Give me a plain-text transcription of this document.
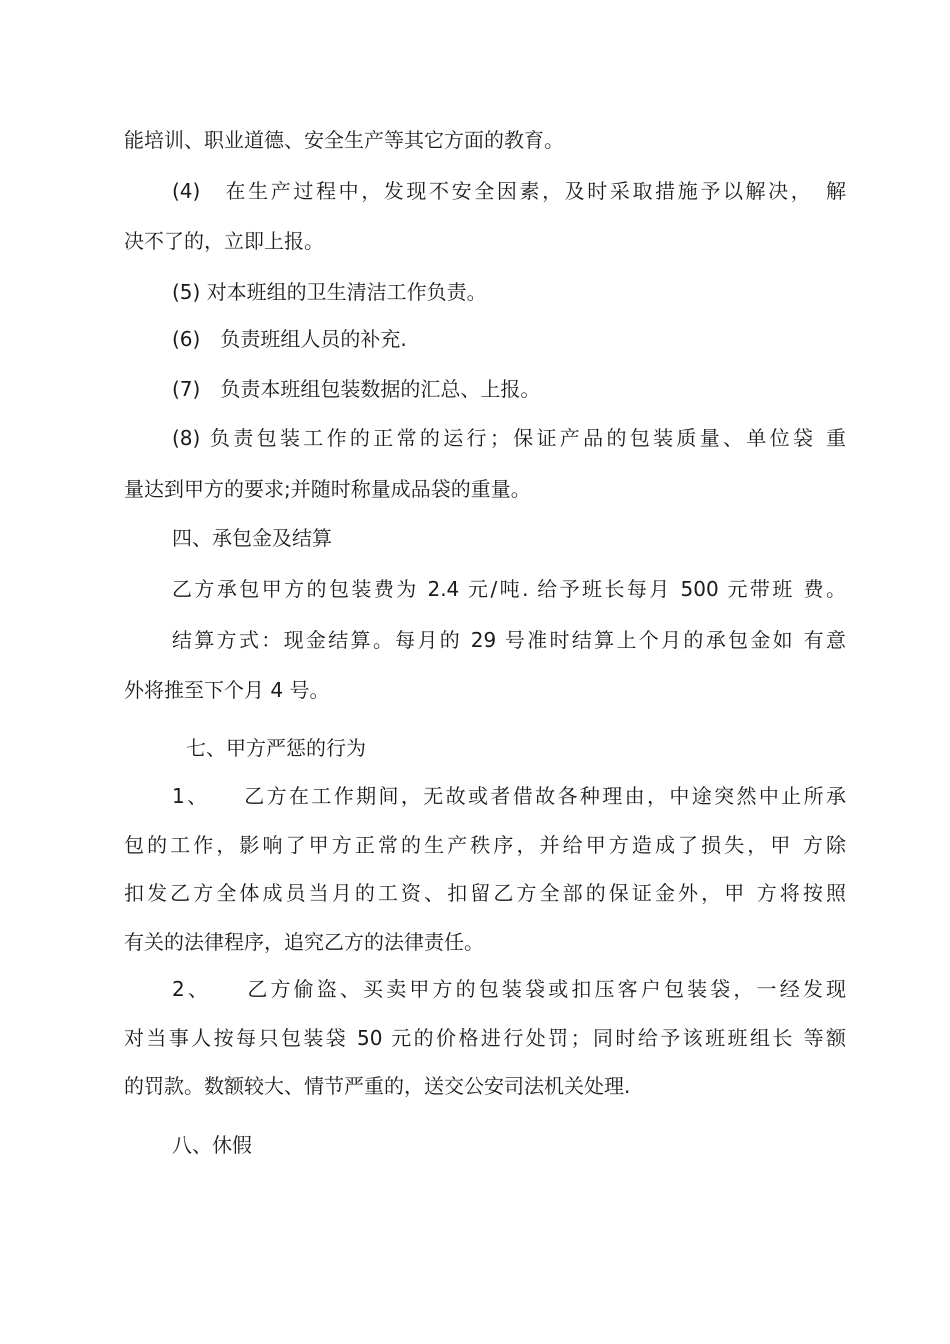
能培训、职业道德、安全生产等其它方面的教育。
(4)　在生产过程中，发现不安全因素，及时采取措施予以解决，　解
决不了的，立即上报。
(5) 对本班组的卫生清洁工作负责。
(6)　负责班组人员的补充.
(7)　负责本班组包装数据的汇总、上报。
(8) 负责包装工作的正常的运行；保证产品的包装质量、单位袋 重
量达到甲方的要求;并随时称量成品袋的重量。
四、承包金及结算
乙方承包甲方的包装费为 2.4 元/吨. 给予班长每月 500 元带班 费。
结算方式：现金结算。每月的 29 号准时结算上个月的承包金如 有意
外将推至下个月 4 号。
七、甲方严惩的行为
1、　　乙方在工作期间，无故或者借故各种理由，中途突然中止所承
包的工作，影响了甲方正常的生产秩序，并给甲方造成了损失，甲 方除
扣发乙方全体成员当月的工资、扣留乙方全部的保证金外，甲 方将按照
有关的法律程序，追究乙方的法律责任。
2、　　乙方偷盗、买卖甲方的包装袋或扣压客户包装袋，一经发现
对当事人按每只包装袋 50 元的价格进行处罚；同时给予该班班组长 等额
的罚款。数额较大、情节严重的，送交公安司法机关处理.
八、休假
